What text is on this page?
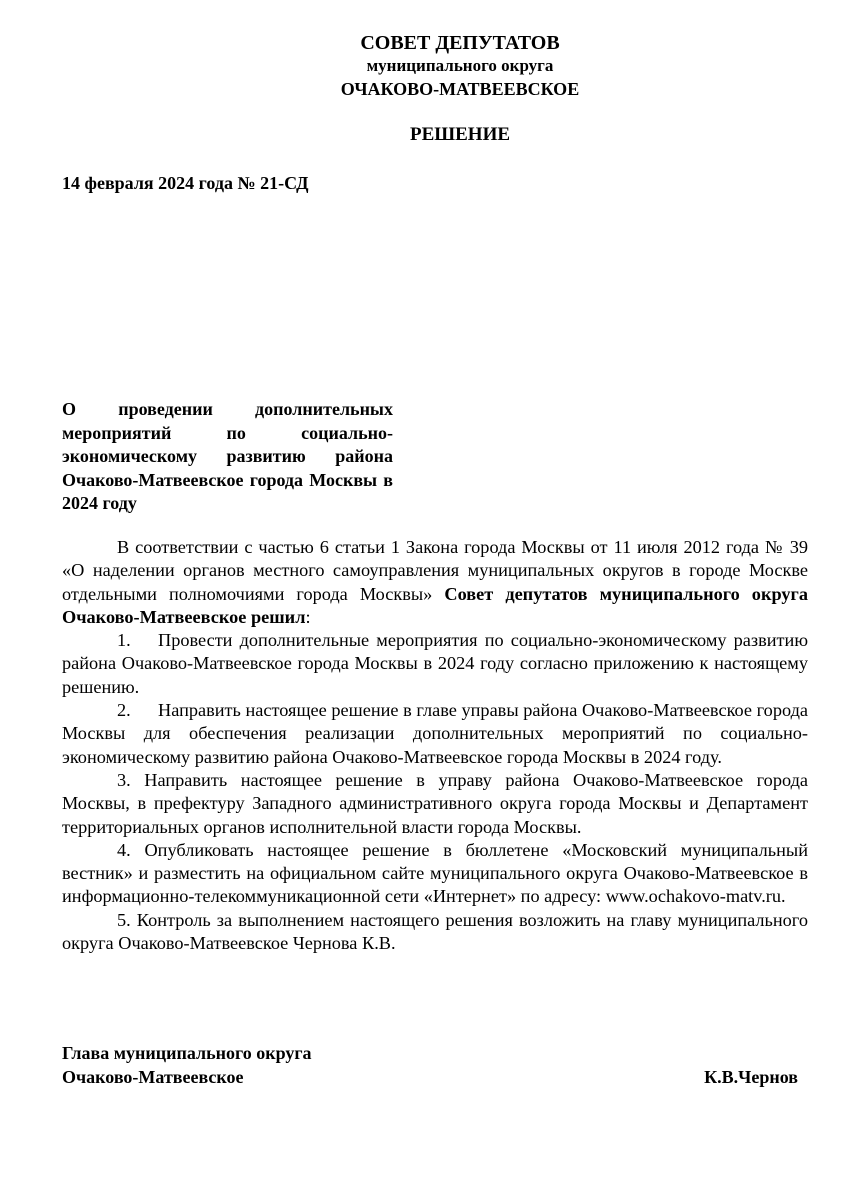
СОВЕТ ДЕПУТАТОВ
муниципального округа
ОЧАКОВО-МАТВЕЕВСКОЕ
РЕШЕНИЕ
14 февраля 2024 года № 21-СД
О проведении дополнительных мероприятий по социально-экономическому развитию района Очаково-Матвеевское города Москвы в 2024 году

В соответствии с частью 6 статьи 1 Закона города Москвы от 11 июля 2012 года № 39 «О наделении органов местного самоуправления муниципальных округов в городе Москве отдельными полномочиями города Москвы» Совет депутатов муниципального округа Очаково-Матвеевское решил:

1. Провести дополнительные мероприятия по социально-экономическому развитию района Очаково-Матвеевское города Москвы в 2024 году согласно приложению к настоящему решению.

2. Направить настоящее решение в главе управы района Очаково-Матвеевское города Москвы для обеспечения реализации дополнительных мероприятий по социально-экономическому развитию района Очаково-Матвеевское города Москвы в 2024 году.

3. Направить настоящее решение в управу района Очаково-Матвеевское города Москвы, в префектуру Западного административного округа города Москвы и Департамент территориальных органов исполнительной власти города Москвы.

4. Опубликовать настоящее решение в бюллетене «Московский муниципальный вестник» и разместить на официальном сайте муниципального округа Очаково-Матвеевское в информационно-телекоммуникационной сети «Интернет» по адресу: www.ochakovo-matv.ru.

5. Контроль за выполнением настоящего решения возложить на главу муниципального округа Очаково-Матвеевское Чернова К.В.

Глава муниципального округа
Очаково-Матвеевское	К.В.Чернов
